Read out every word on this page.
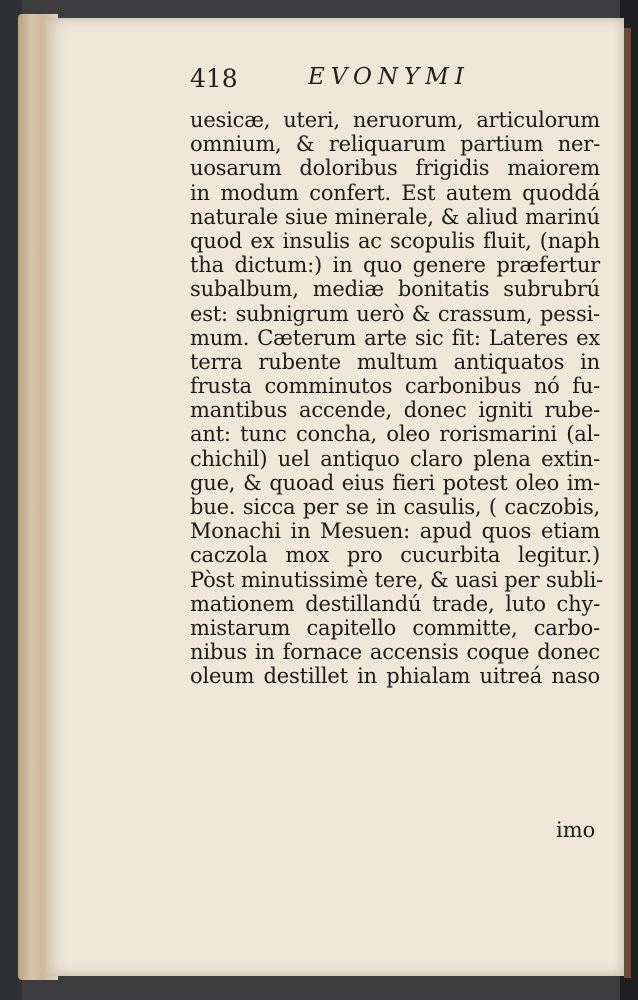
418	EVONYMI
uesicæ, uteri, neruorum, articulorum
omnium, & reliquarum partium ner-
uosarum doloribus frigidis maiorem
in modum confert. Est autem quoddá
naturale siue minerale, & aliud marinú
quod ex insulis ac scopulis fluit, (naph
tha dictum:) in quo genere præfertur
subalbum, mediæ bonitatis subrubrú
est: subnigrum uerò & crassum, pessi-
mum. Cæterum arte sic fit: Lateres ex
terra rubente multum antiquatos in
frusta comminutos carbonibus nó fu-
mantibus accende, donec igniti rube-
ant: tunc concha, oleo rorismarini (al-
chichil) uel antiquo claro plena extin-
gue, & quoad eius fieri potest oleo im-
bue. sicca per se in casulis, ( caczobis,
Monachi in Mesuen: apud quos etiam
caczola mox pro cucurbita legitur.)
Pòst minutissimè tere, & uasi per subli-
mationem destillandú trade, luto chy-
mistarum capitello committe, carbo-
nibus in fornace accensis coque donec
oleum destillet in phialam uitreá naso
imo
